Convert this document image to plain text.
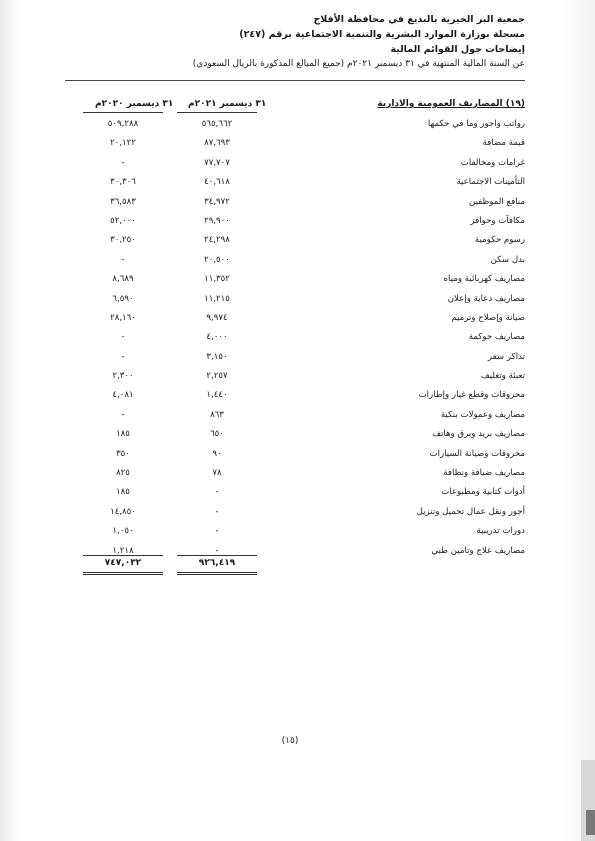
جمعية البر الخيرية بالبديع في محافظة الأفلاج
مسجلة بوزارة الموارد البشرية والتنمية الاجتماعية برقم (٢٤٧)
إيضاحات حول القوائم المالية
عن السنة المالية المنتهية في ٣١ ديسمبر ٢٠٢١م (جميع المبالغ المذكورة بالريال السعودي)
(١٩) المصاريف العمومية والادارية
٣١ ديسمبر ٢٠٢١م
٣١ ديسمبر ٢٠٢٠م
رواتب واجور وما في حكمها
٥٦٥,٦٦٢
٥٠٩,٢٨٨
قيمة مضافة
٨٧,٦٩٣
٢٠,١٢٢
غرامات ومخالفات
٧٧,٧٠٧
-
التأمينات الاجتماعية
٤٠,٦١٨
٣٠,٣٠٦
منافع الموظفين
٣٤,٩٧٢
٣٦,٥٨٣
مكافآت وحوافز
٢٩,٩٠٠
٥٢,٠٠٠
رسوم حكومية
٢٤,٢٩٨
٣٠,٢٥٠
بدل سكن
٢٠,٥٠٠
-
مصاريف كهربائية ومياه
١١,٣٥٢
٨,٦٨٩
مصاريف دعاية وإعلان
١١,٢١٥
٦,٥٩٠
صيانة وإصلاح وترميم
٩,٩٧٤
٢٨,١٦٠
مصاريف حوكمة
٤,٠٠٠
-
تذاكر سفر
٣,١٥٠
-
تعبئة وتغليف
٢,٢٥٧
٢,٣٠٠
محروقات وقطع غيار وإطارات
١,٤٤٠
٤,٠٨١
مصاريف وعمولات بنكية
٨٦٣
-
مصاريف بريد وبرق وهاتف
٦٥٠
١٨٥
محروقات وصيانة السيارات
٩٠
٣٥٠
مصاريف ضيافة ونظافة
٧٨
٨٢٥
أدوات كتابية ومطبوعات
-
١٨٥
أجور ونقل عمال تحميل وتنزيل
-
١٤,٨٥٠
دورات تدريبية
-
١,٠٥٠
مصاريف علاج وتامين طبي
-
١,٢١٨
٩٢٦,٤١٩
٧٤٧,٠٣٢
(١٥)
